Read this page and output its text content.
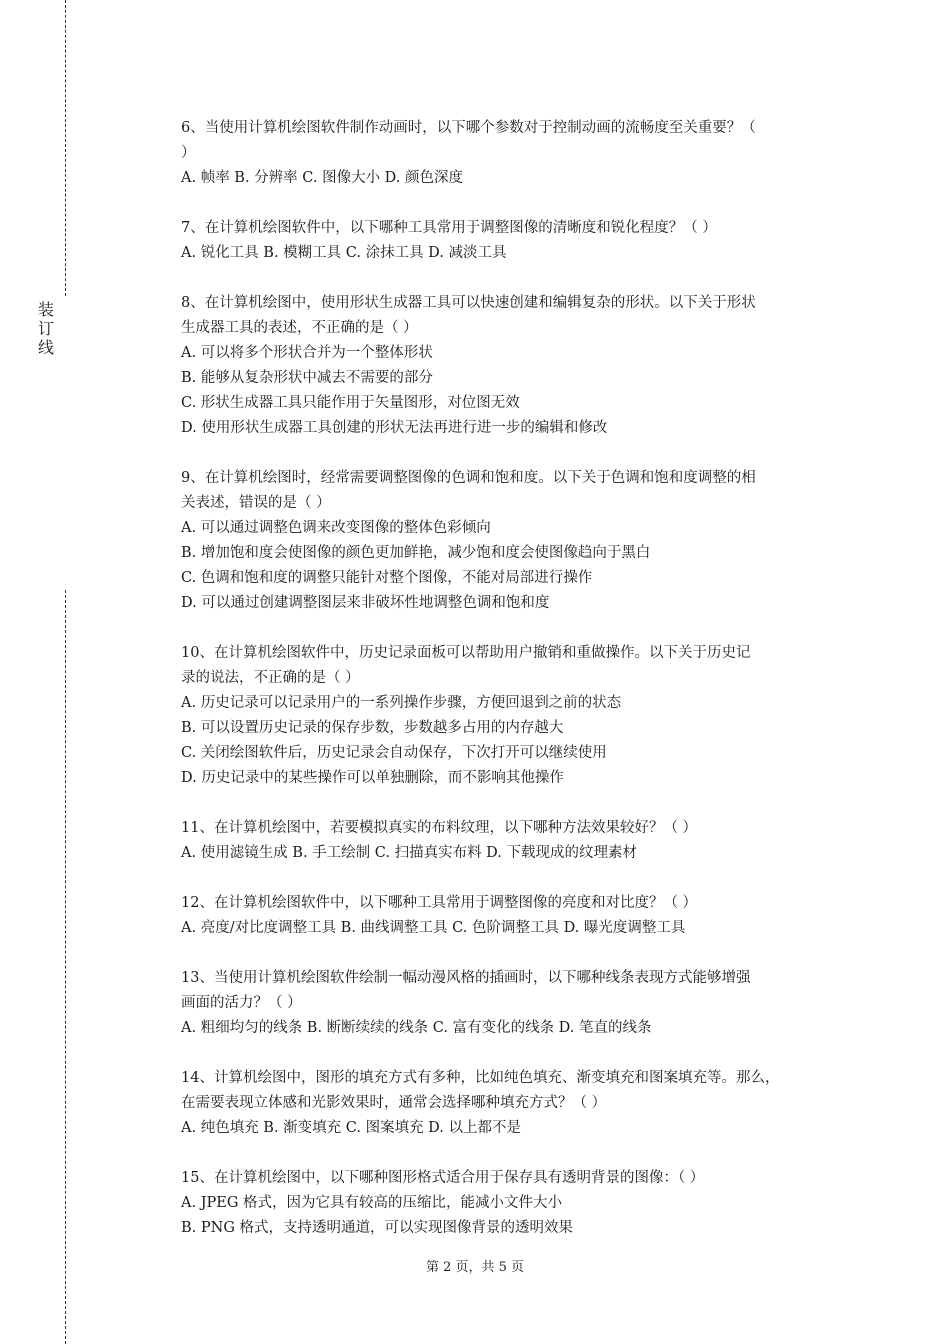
装
订
线
6、当使用计算机绘图软件制作动画时，以下哪个参数对于控制动画的流畅度至关重要？（
）
A. 帧率 B. 分辨率 C. 图像大小 D. 颜色深度
7、在计算机绘图软件中，以下哪种工具常用于调整图像的清晰度和锐化程度？（ ）
A. 锐化工具 B. 模糊工具 C. 涂抹工具 D. 减淡工具
8、在计算机绘图中，使用形状生成器工具可以快速创建和编辑复杂的形状。以下关于形状
生成器工具的表述，不正确的是（ ）
A. 可以将多个形状合并为一个整体形状
B. 能够从复杂形状中减去不需要的部分
C. 形状生成器工具只能作用于矢量图形，对位图无效
D. 使用形状生成器工具创建的形状无法再进行进一步的编辑和修改
9、在计算机绘图时，经常需要调整图像的色调和饱和度。以下关于色调和饱和度调整的相
关表述，错误的是（ ）
A. 可以通过调整色调来改变图像的整体色彩倾向
B. 增加饱和度会使图像的颜色更加鲜艳，减少饱和度会使图像趋向于黑白
C. 色调和饱和度的调整只能针对整个图像，不能对局部进行操作
D. 可以通过创建调整图层来非破坏性地调整色调和饱和度
10、在计算机绘图软件中，历史记录面板可以帮助用户撤销和重做操作。以下关于历史记
录的说法，不正确的是（ ）
A. 历史记录可以记录用户的一系列操作步骤，方便回退到之前的状态
B. 可以设置历史记录的保存步数，步数越多占用的内存越大
C. 关闭绘图软件后，历史记录会自动保存，下次打开可以继续使用
D. 历史记录中的某些操作可以单独删除，而不影响其他操作
11、在计算机绘图中，若要模拟真实的布料纹理，以下哪种方法效果较好？（ ）
A. 使用滤镜生成 B. 手工绘制 C. 扫描真实布料 D. 下载现成的纹理素材
12、在计算机绘图软件中，以下哪种工具常用于调整图像的亮度和对比度？（ ）
A. 亮度/对比度调整工具 B. 曲线调整工具 C. 色阶调整工具 D. 曝光度调整工具
13、当使用计算机绘图软件绘制一幅动漫风格的插画时，以下哪种线条表现方式能够增强
画面的活力？（ ）
A. 粗细均匀的线条 B. 断断续续的线条 C. 富有变化的线条 D. 笔直的线条
14、计算机绘图中，图形的填充方式有多种，比如纯色填充、渐变填充和图案填充等。那么，
在需要表现立体感和光影效果时，通常会选择哪种填充方式？（ ）
A. 纯色填充 B. 渐变填充 C. 图案填充 D. 以上都不是
15、在计算机绘图中，以下哪种图形格式适合用于保存具有透明背景的图像：（ ）
A. JPEG 格式，因为它具有较高的压缩比，能减小文件大小
B. PNG 格式，支持透明通道，可以实现图像背景的透明效果
第 2 页，共 5 页
